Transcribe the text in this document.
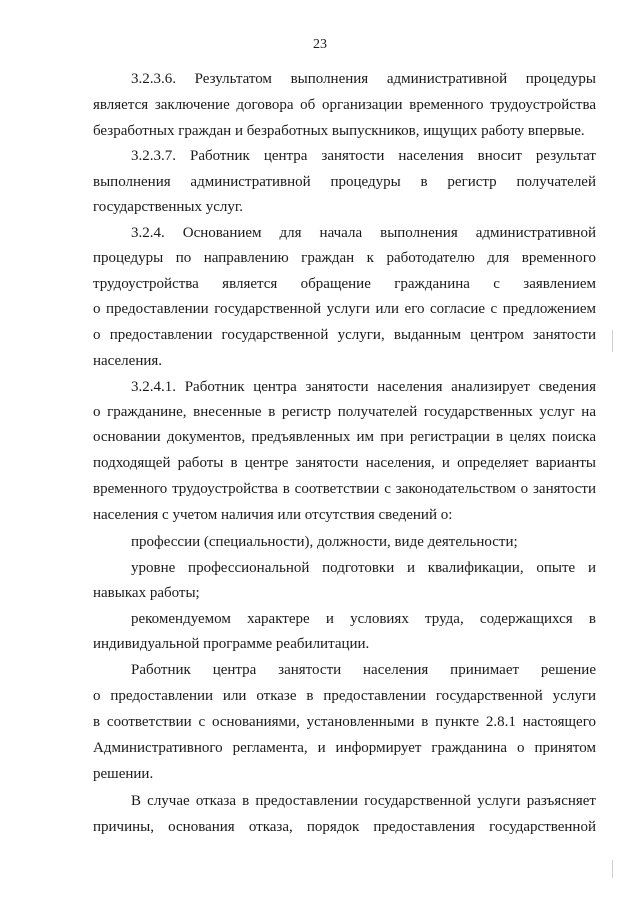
23
3.2.3.6. Результатом выполнения административной процедуры
является заключение договора об организации временного трудоустройства
безработных граждан и безработных выпускников, ищущих работу впервые.
3.2.3.7. Работник центра занятости населения вносит результат
выполнения административной процедуры в регистр получателей
государственных услуг.
3.2.4. Основанием для начала выполнения административной
процедуры по направлению граждан к работодателю для временного
трудоустройства является обращение гражданина с заявлением
о предоставлении государственной услуги или его согласие с предложением
о предоставлении государственной услуги, выданным центром занятости
населения.
3.2.4.1. Работник центра занятости населения анализирует сведения
о гражданине, внесенные в регистр получателей государственных услуг на
основании документов, предъявленных им при регистрации в целях поиска
подходящей работы в центре занятости населения, и определяет варианты
временного трудоустройства в соответствии с законодательством о занятости
населения с учетом наличия или отсутствия сведений о:
профессии (специальности), должности, виде деятельности;
уровне профессиональной подготовки и квалификации, опыте и
навыках работы;
рекомендуемом характере и условиях труда, содержащихся в
индивидуальной программе реабилитации.
Работник центра занятости населения принимает решение
о предоставлении или отказе в предоставлении государственной услуги
в соответствии с основаниями, установленными в пункте 2.8.1 настоящего
Административного регламента, и информирует гражданина о принятом
решении.
В случае отказа в предоставлении государственной услуги разъясняет
причины, основания отказа, порядок предоставления государственной
